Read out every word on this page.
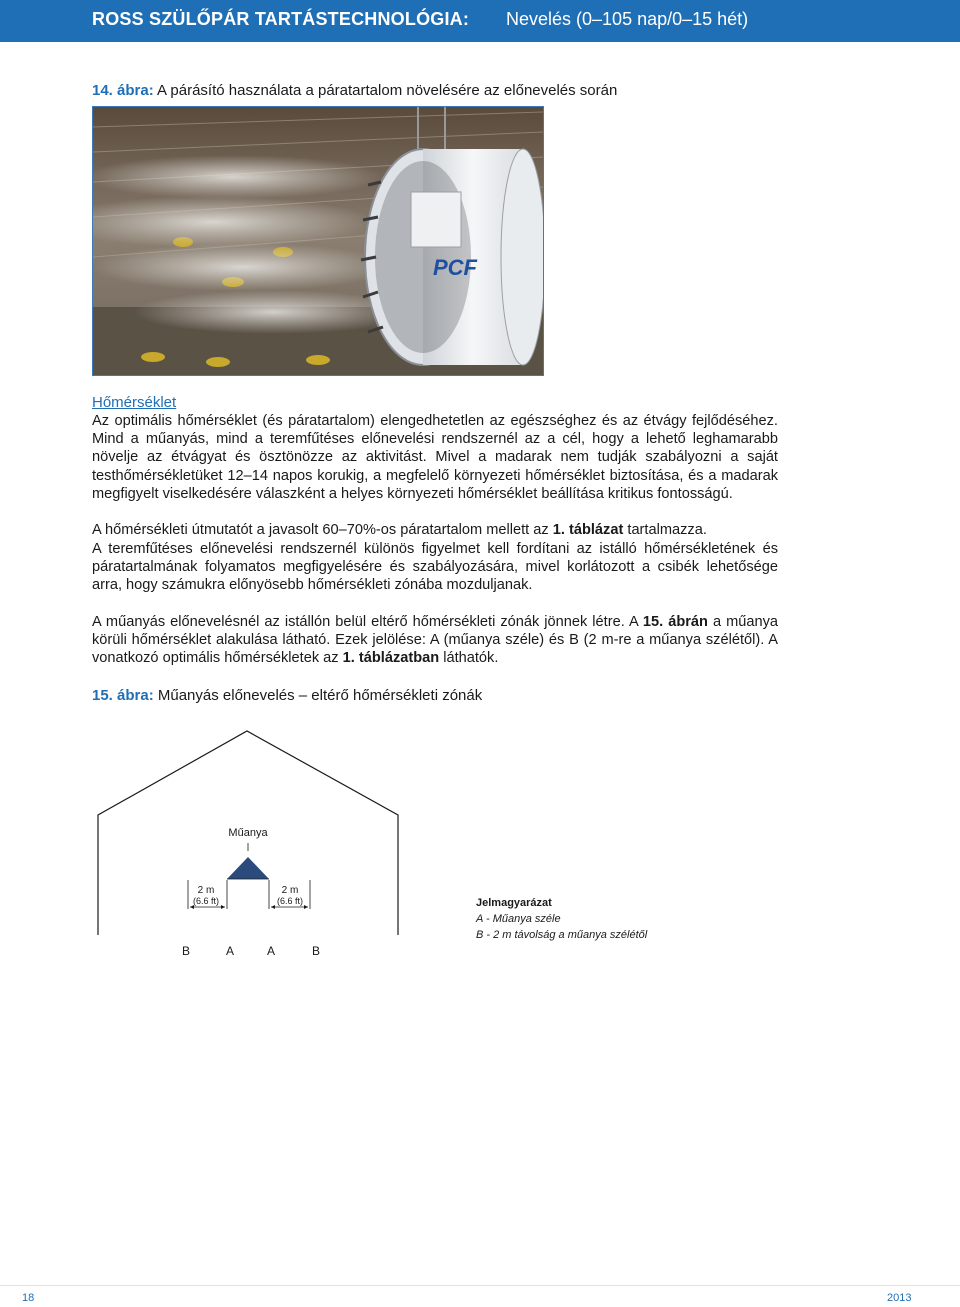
ROSS SZÜLŐPÁR TARTÁSTECHNOLÓGIA: Nevelés (0–105 nap/0–15 hét)
14. ábra: A párásító használata a páratartalom növelésére az előnevelés során
PCF
Hőmérséklet
Az optimális hőmérséklet (és páratartalom) elengedhetetlen az egészséghez és az étvágy fejlődéséhez. Mind a műanyás, mind a teremfűtéses előnevelési rendszernél az a cél, hogy a lehető leghamarabb növelje az étvágyat és ösztönözze az aktivitást. Mivel a madarak nem tudják szabályozni a saját testhőmérsékletüket 12–14 napos korukig, a megfelelő környezeti hőmérséklet biztosítása, és a madarak megfigyelt viselkedésére válaszként a helyes környezeti hőmérséklet beállítása kritikus fontosságú.
A hőmérsékleti útmutatót a javasolt 60–70%-os páratartalom mellett az 1. táblázat tartalmazza.
A teremfűtéses előnevelési rendszernél különös figyelmet kell fordítani az istálló hőmérsékletének és páratartalmának folyamatos megfigyelésére és szabályozására, mivel korlátozott a csibék lehetősége arra, hogy számukra előnyösebb hőmérsékleti zónába mozduljanak.
A műanyás előnevelésnél az istállón belül eltérő hőmérsékleti zónák jönnek létre. A 15. ábrán a műanya körüli hőmérséklet alakulása látható. Ezek jelölése: A (műanya széle) és B (2 m-re a műanya szélétől). A vonatkozó optimális hőmérsékletek az 1. táblázatban láthatók.
15. ábra: Műanyás előnevelés – eltérő hőmérsékleti zónák
Műanya
2 m
(6.6 ft)
2 m
(6.6 ft)
B	A	A	B
Jelmagyarázat
A - Műanya széle
B - 2 m távolság a műanya szélétől
18	2013
